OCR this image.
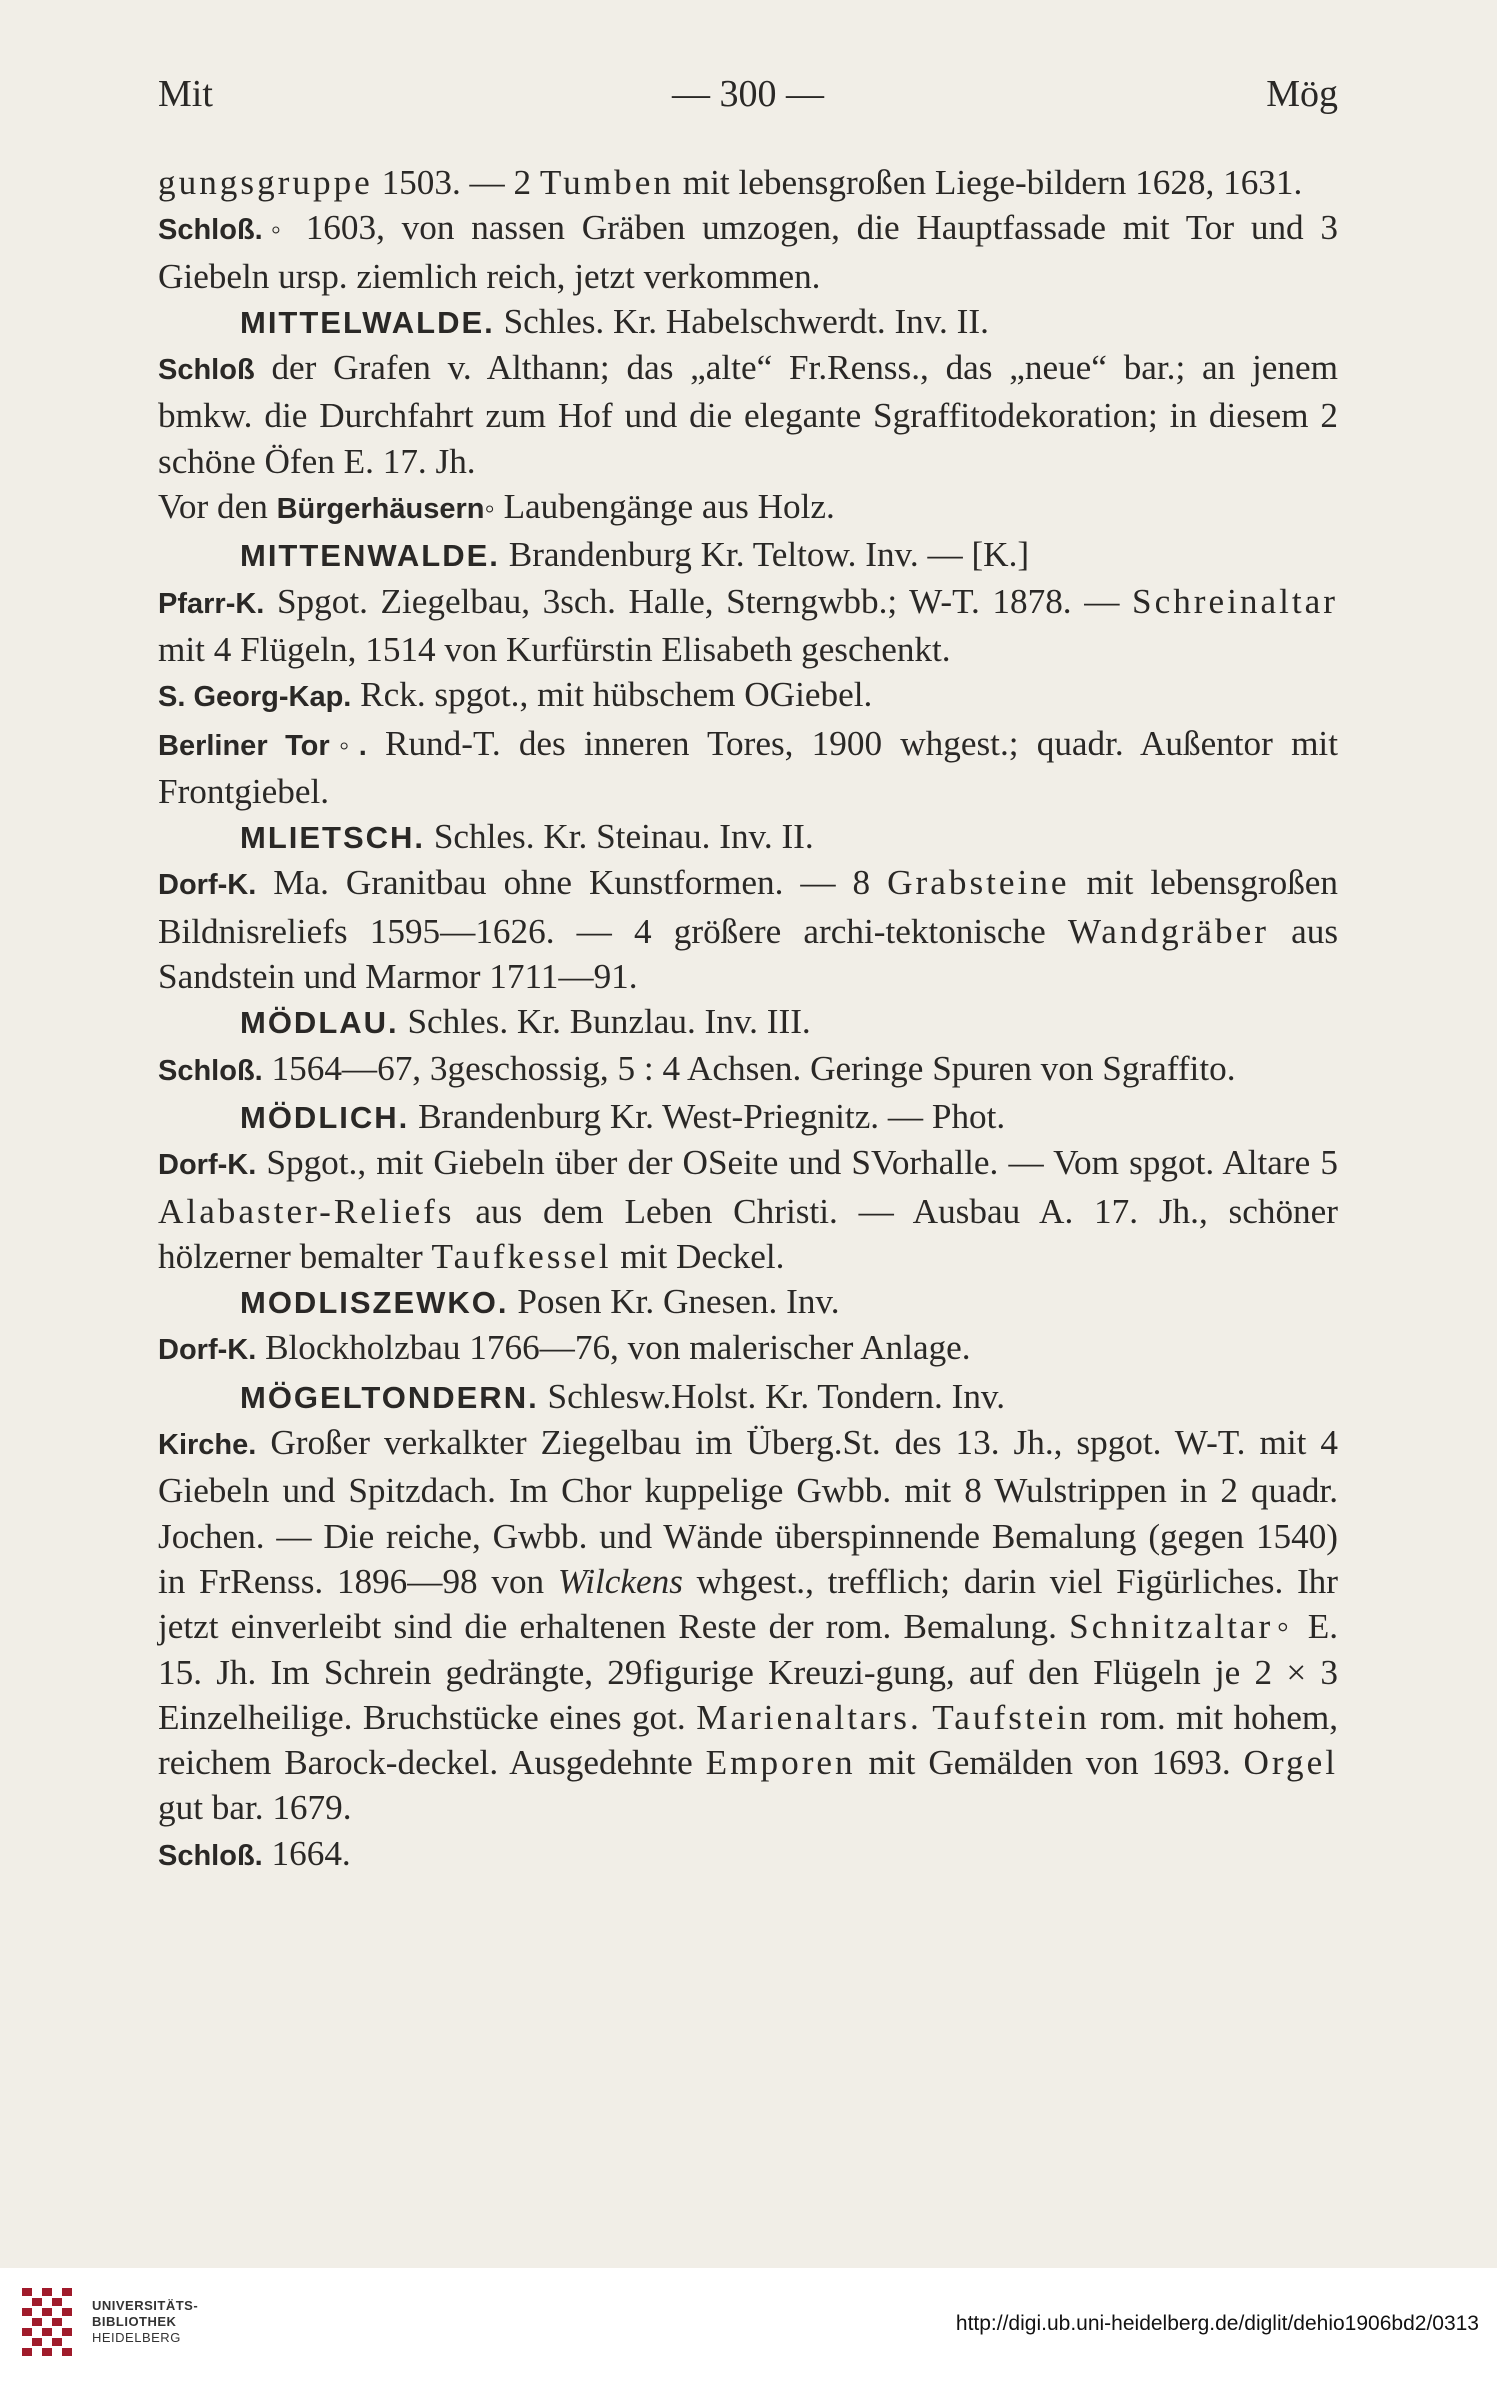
Mit	— 300 —	Mög

gungsgruppe 1503. — 2 Tumben mit lebensgroßen Liege-bildern 1628, 1631.

Schloß.◦ 1603, von nassen Gräben umzogen, die Hauptfassade mit Tor und 3 Giebeln ursp. ziemlich reich, jetzt verkommen.

MITTELWALDE. Schles. Kr. Habelschwerdt. Inv. II.

Schloß der Grafen v. Althann; das „alte“ Fr.Renss., das „neue“ bar.; an jenem bmkw. die Durchfahrt zum Hof und die elegante Sgraffitodekoration; in diesem 2 schöne Öfen E. 17. Jh.

Vor den Bürgerhäusern◦ Laubengänge aus Holz.

MITTENWALDE. Brandenburg Kr. Teltow. Inv. — [K.]

Pfarr-K. Spgot. Ziegelbau, 3sch. Halle, Sterngwbb.; W-T. 1878. — Schreinaltar mit 4 Flügeln, 1514 von Kurfürstin Elisabeth geschenkt.

S. Georg-Kap. Rck. spgot., mit hübschem OGiebel.

Berliner Tor◦. Rund-T. des inneren Tores, 1900 whgest.; quadr. Außentor mit Frontgiebel.

MLIETSCH. Schles. Kr. Steinau. Inv. II.

Dorf-K. Ma. Granitbau ohne Kunstformen. — 8 Grabsteine mit lebensgroßen Bildnisreliefs 1595—1626. — 4 größere archi-tektonische Wandgräber aus Sandstein und Marmor 1711—91.

MÖDLAU. Schles. Kr. Bunzlau. Inv. III.

Schloß. 1564—67, 3geschossig, 5 : 4 Achsen. Geringe Spuren von Sgraffito.

MÖDLICH. Brandenburg Kr. West-Priegnitz. — Phot.

Dorf-K. Spgot., mit Giebeln über der OSeite und SVorhalle. — Vom spgot. Altare 5 Alabaster-Reliefs aus dem Leben Christi. — Ausbau A. 17. Jh., schöner hölzerner bemalter Taufkessel mit Deckel.

MODLISZEWKO. Posen Kr. Gnesen. Inv.

Dorf-K. Blockholzbau 1766—76, von malerischer Anlage.

MÖGELTONDERN. Schlesw.Holst. Kr. Tondern. Inv.

Kirche. Großer verkalkter Ziegelbau im Überg.St. des 13. Jh., spgot. W-T. mit 4 Giebeln und Spitzdach. Im Chor kuppelige Gwbb. mit 8 Wulstrippen in 2 quadr. Jochen. — Die reiche, Gwbb. und Wände überspinnende Bemalung (gegen 1540) in FrRenss. 1896—98 von Wilckens whgest., trefflich; darin viel Figürliches. Ihr jetzt einverleibt sind die erhaltenen Reste der rom. Bemalung. Schnitzaltar◦ E. 15. Jh. Im Schrein gedrängte, 29figurige Kreuzi-gung, auf den Flügeln je 2 × 3 Einzelheilige. Bruchstücke eines got. Marienaltars. Taufstein rom. mit hohem, reichem Barock-deckel. Ausgedehnte Emporen mit Gemälden von 1693. Orgel gut bar. 1679.

Schloß. 1664.

UNIVERSITÄTS-
BIBLIOTHEK
HEIDELBERG
http://digi.ub.uni-heidelberg.de/diglit/dehio1906bd2/0313
